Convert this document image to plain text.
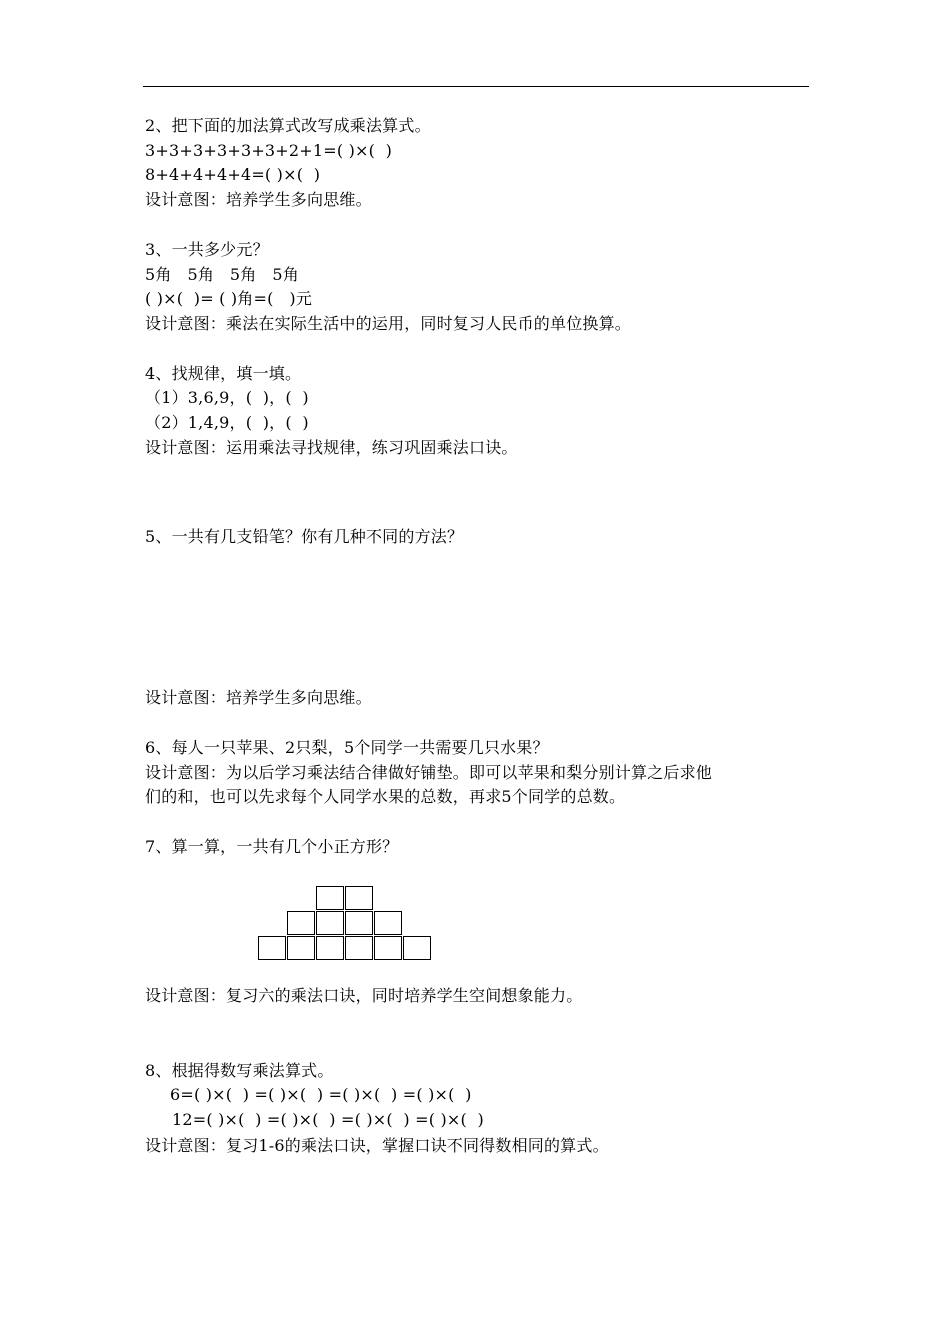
2、把下面的加法算式改写成乘法算式。
3+3+3+3+3+3+2+1=( )×(  )
8+4+4+4+4=( )×(  )
设计意图：培养学生多向思维。
3、一共多少元？
5角   5角   5角   5角
( )×(  )= ( )角=(   )元
设计意图：乘法在实际生活中的运用，同时复习人民币的单位换算。
4、找规律，填一填。
（1）3,6,9，(  )，(  )
（2）1,4,9，(  )，(  )
设计意图：运用乘法寻找规律，练习巩固乘法口诀。
5、一共有几支铅笔？你有几种不同的方法？
设计意图：培养学生多向思维。
6、每人一只苹果、2只梨，5个同学一共需要几只水果？
设计意图：为以后学习乘法结合律做好铺垫。即可以苹果和梨分别计算之后求他
们的和，也可以先求每个人同学水果的总数，再求5个同学的总数。
7、算一算，一共有几个小正方形？
设计意图：复习六的乘法口诀，同时培养学生空间想象能力。
8、根据得数写乘法算式。
6=( )×(  ) =( )×(  ) =( )×(  ) =( )×(  )
12=( )×(  ) =( )×(  ) =( )×(  ) =( )×(  )
设计意图：复习1-6的乘法口诀，掌握口诀不同得数相同的算式。
